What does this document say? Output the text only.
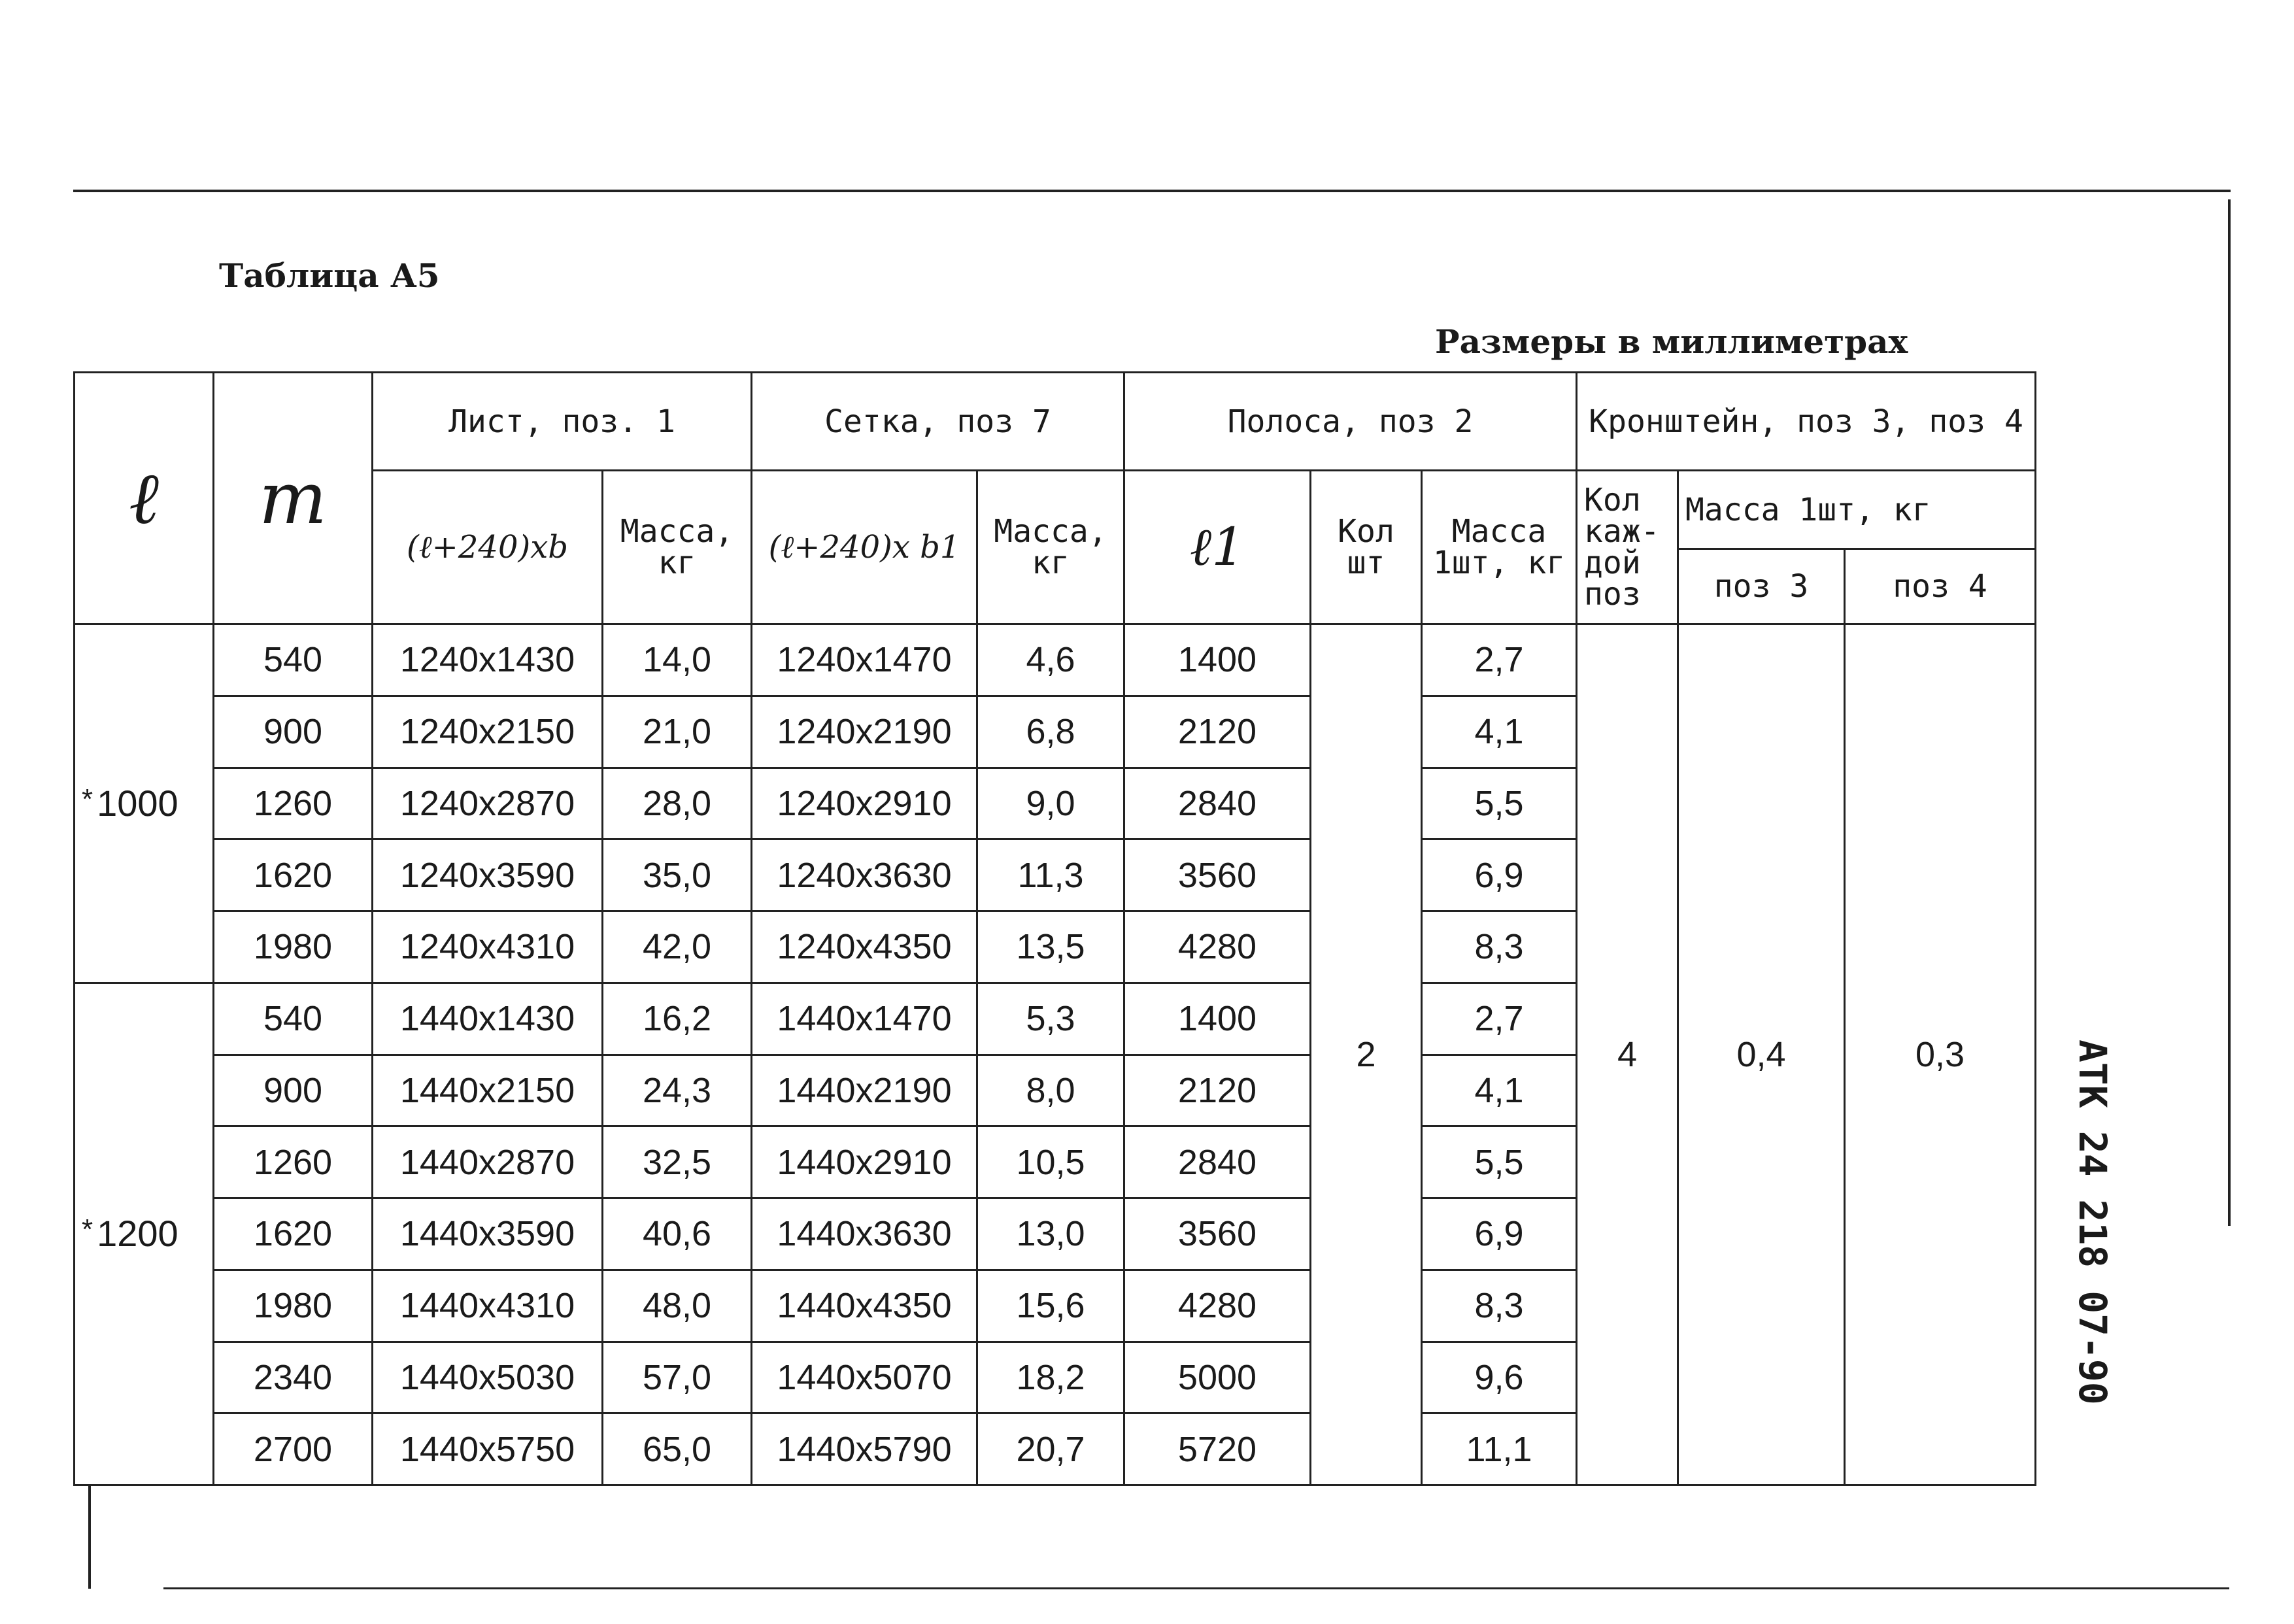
Таблица А5
Размеры в миллиметрах
ℓ	m	Лист, поз. 1		Сетка, поз 7		Полоса, поз 2			Кронштейн, поз 3, поз 4		
		(ℓ+240)xb	Масса, кг	(ℓ+240)x b1	Масса, кг	ℓ1	Кол шт	Масса 1шт, кг	Кол каж-дой поз	Масса 1шт, кг	
										поз 3	поз 4
* 1000	540	1240x1430	14,0	1240x1470	4,6	1400	2	2,7	4	0,4	0,3
	900	1240x2150	21,0	1240x2190	6,8	2120		4,1			
	1260	1240x2870	28,0	1240x2910	9,0	2840		5,5			
	1620	1240x3590	35,0	1240x3630	11,3	3560		6,9			
	1980	1240x4310	42,0	1240x4350	13,5	4280		8,3			
* 1200	540	1440x1430	16,2	1440x1470	5,3	1400		2,7			
	900	1440x2150	24,3	1440x2190	8,0	2120		4,1			
	1260	1440x2870	32,5	1440x2910	10,5	2840		5,5			
	1620	1440x3590	40,6	1440x3630	13,0	3560		6,9			
	1980	1440x4310	48,0	1440x4350	15,6	4280		8,3			
	2340	1440x5030	57,0	1440x5070	18,2	5000		9,6			
	2700	1440x5750	65,0	1440x5790	20,7	5720		11,1			
АТК 24 218 07-90
